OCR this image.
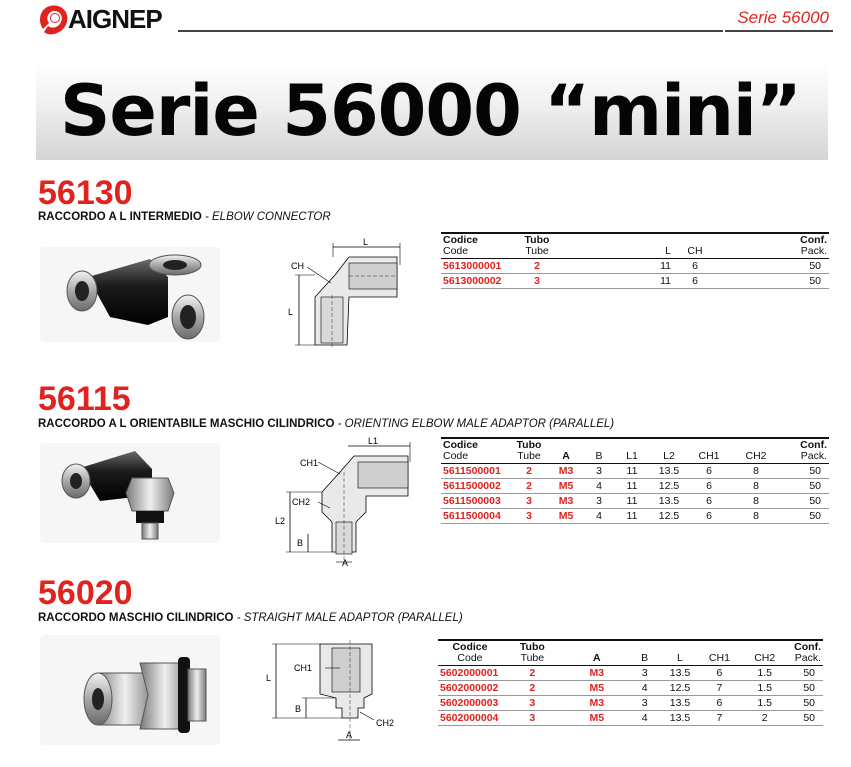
AIGNEP	Serie 56000
Serie 56000 “mini”
56130
RACCORDO A L INTERMEDIO - ELBOW CONNECTOR
L
CH
L
Codice
Code	Tubo
Tube	L	CH	Conf.
Pack.
5613000001	2	11	6	50
5613000002	3	11	6	50
56115
RACCORDO A L ORIENTABILE MASCHIO CILINDRICO - ORIENTING ELBOW MALE ADAPTOR (PARALLEL)
L1
CH1
CH2
L2
B
A
Codice
Code	Tubo
Tube	A	B	L1	L2	CH1	CH2	Conf.
Pack.
5611500001	2	M3	3	11	13.5	6	8	50
5611500002	2	M5	4	11	12.5	6	8	50
5611500003	3	M3	3	11	13.5	6	8	50
5611500004	3	M5	4	11	12.5	6	8	50
56020
RACCORDO MASCHIO CILINDRICO - STRAIGHT MALE ADAPTOR (PARALLEL)
L
CH1
B
CH2
A
Codice
Code	Tubo
Tube	A	B	L	CH1	CH2	Conf.
Pack.
5602000001	2	M3	3	13.5	6	1.5	50
5602000002	2	M5	4	12.5	7	1.5	50
5602000003	3	M3	3	13.5	6	1.5	50
5602000004	3	M5	4	13.5	7	2	50
